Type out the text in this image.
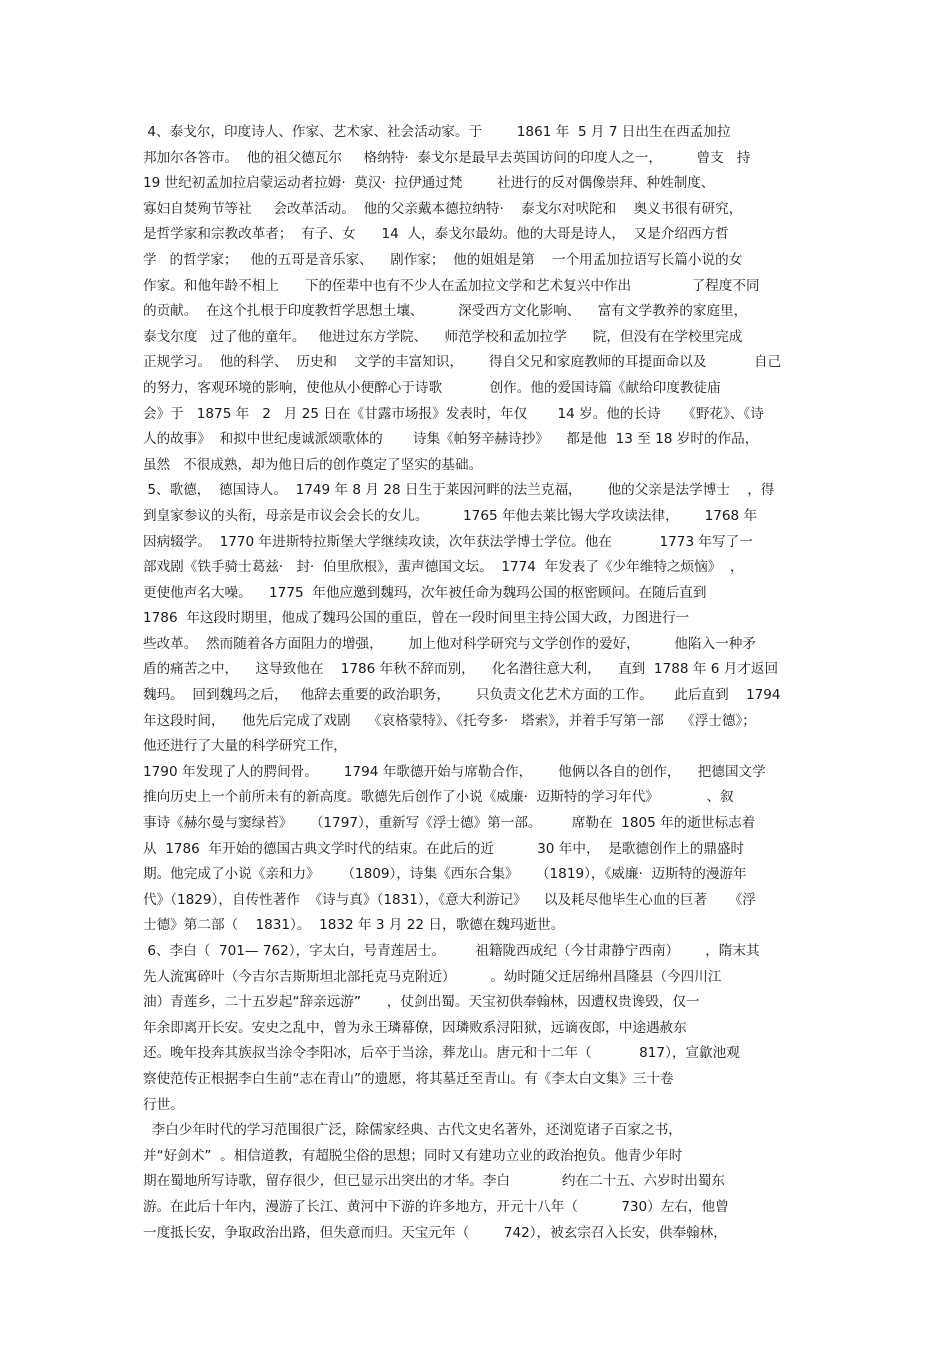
4、泰戈尔，印度诗人、作家、艺术家、社会活动家。于        1861 年  5 月 7 日出生在西孟加拉
邦加尔各答市。  他的祖父德瓦尔     格纳特·  泰戈尔是最早去英国访问的印度人之一，        曾支   持
19 世纪初孟加拉启蒙运动者拉姆·  莫汉·  拉伊通过梵        社进行的反对偶像崇拜、种姓制度、
寡妇自焚殉节等社     会改革活动。  他的父亲戴本德拉纳特·    泰戈尔对吠陀和    奥义书很有研究，
是哲学家和宗教改革者；  有子、女      14  人，泰戈尔最幼。他的大哥是诗人，  又是介绍西方哲
学   的哲学家；   他的五哥是音乐家、    剧作家；  他的姐姐是第    一个用孟加拉语写长篇小说的女
作家。和他年龄不相上      下的侄辈中也有不少人在孟加拉文学和艺术复兴中作出              了程度不同
的贡献。  在这个扎根于印度教哲学思想土壤、        深受西方文化影响、    富有文学教养的家庭里，
泰戈尔度   过了他的童年。   他进过东方学院、    师范学校和孟加拉学      院，但没有在学校里完成
正规学习。  他的科学、  历史和    文学的丰富知识，      得自父兄和家庭教师的耳提面命以及           自己
的努力，客观环境的影响，使他从小便醉心于诗歌           创作。他的爱国诗篇《献给印度教徒庙
会》于   1875 年   2   月 25 日在《甘露市场报》发表时，年仅       14 岁。他的长诗     《野花》、《诗
人的故事》  和拟中世纪虔诚派颂歌体的       诗集《帕努辛赫诗抄》    都是他  13 至 18 岁时的作品，
虽然   不很成熟，却为他日后的创作奠定了坚实的基础。
5、歌德，  德国诗人。  1749 年 8 月 28 日生于莱因河畔的法兰克福，      他的父亲是法学博士    ，得
到皇家参议的头衔，母亲是市议会会长的女儿。        1765 年他去莱比锡大学攻读法律，      1768 年
因病辍学。  1770 年进斯特拉斯堡大学继续攻读，次年获法学博士学位。他在           1773 年写了一
部戏剧《铁手骑士葛兹·   封·  伯里欣根》，蜚声德国文坛。  1774  年发表了《少年维特之烦恼》  ，
更使他声名大噪。    1775  年他应邀到魏玛，次年被任命为魏玛公国的枢密顾问。在随后直到
1786  年这段时期里，他成了魏玛公国的重臣，曾在一段时间里主持公国大政，力图进行一
些改革。  然而随着各方面阻力的增强，      加上他对科学研究与文学创作的爱好，        他陷入一种矛
盾的痛苦之中，    这导致他在    1786 年秋不辞而别，    化名潜往意大利，    直到  1788 年 6 月才返回
魏玛。  回到魏玛之后，   他辞去重要的政治职务，      只负责文化艺术方面的工作。     此后直到    1794
年这段时间，    他先后完成了戏剧    《哀格蒙特》、《托夸多·   塔索》，并着手写第一部    《浮士德》；
他还进行了大量的科学研究工作，
1790 年发现了人的腭间骨。      1794 年歌德开始与席勒合作，      他俩以各自的创作，    把德国文学
推向历史上一个前所未有的新高度。歌德先后创作了小说《威廉·  迈斯特的学习年代》           、叙
事诗《赫尔曼与窦绿苔》    （1797），重新写《浮士德》第一部。       席勒在  1805 年的逝世标志着
从  1786  年开始的德国古典文学时代的结束。在此后的近          30 年中，  是歌德创作上的鼎盛时
期。他完成了小说《亲和力》     （1809），诗集《西东合集》    （1819），《威廉·  迈斯特的漫游年
代》（1829），自传性著作  《诗与真》（1831），《意大利游记》    以及耗尽他毕生心血的巨著     《浮
士德》第二部（    1831）。  1832 年 3 月 22 日，歌德在魏玛逝世。
6、李白（  701— 762），字太白，号青莲居士。       祖籍陇西成纪（今甘肃静宁西南）      ，隋末其
先人流寓碎叶（今吉尔吉斯斯坦北部托克马克附近）        。幼时随父迁居绵州昌隆县（今四川江
油）青莲乡，二十五岁起“辞亲远游”      ，仗剑出蜀。天宝初供奉翰林，因遭权贵谗毁，仅一
年余即离开长安。安史之乱中，曾为永王璘幕僚，因璘败系浔阳狱，远谪夜郎，中途遇赦东
还。晚年投奔其族叔当涂令李阳冰，后卒于当涂，葬龙山。唐元和十二年（           817），宣歙池观
察使范传正根据李白生前“志在青山”的遗愿，将其墓迁至青山。有《李太白文集》三十卷
行世。
李白少年时代的学习范围很广泛，除儒家经典、古代文史名著外，还浏览诸子百家之书，
并“好剑术”  。相信道教，有超脱尘俗的思想；同时又有建功立业的政治抱负。他青少年时
期在蜀地所写诗歌，留存很少，但已显示出突出的才华。李白            约在二十五、六岁时出蜀东
游。在此后十年内，漫游了长江、黄河中下游的许多地方，开元十八年（          730）左右，他曾
一度抵长安，争取政治出路，但失意而归。天宝元年（        742），被玄宗召入长安，供奉翰林，
